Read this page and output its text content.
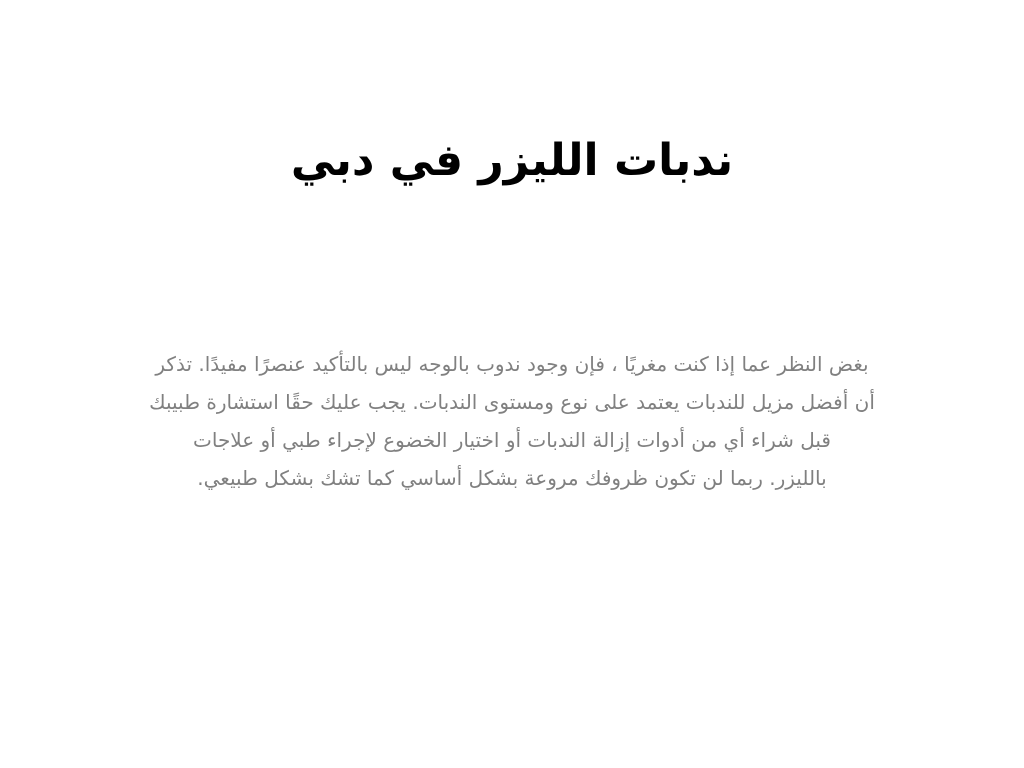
ندبات الليزر في دبي

بغض النظر عما إذا كنت مغريًا ، فإن وجود ندوب بالوجه ليس بالتأكيد عنصرًا مفيدًا. تذكر
أن أفضل مزيل للندبات يعتمد على نوع ومستوى الندبات. يجب عليك حقًا استشارة طبيبك
قبل شراء أي من أدوات إزالة الندبات أو اختيار الخضوع لإجراء طبي أو علاجات
بالليزر. ربما لن تكون ظروفك مروعة بشكل أساسي كما تشك بشكل طبيعي.
